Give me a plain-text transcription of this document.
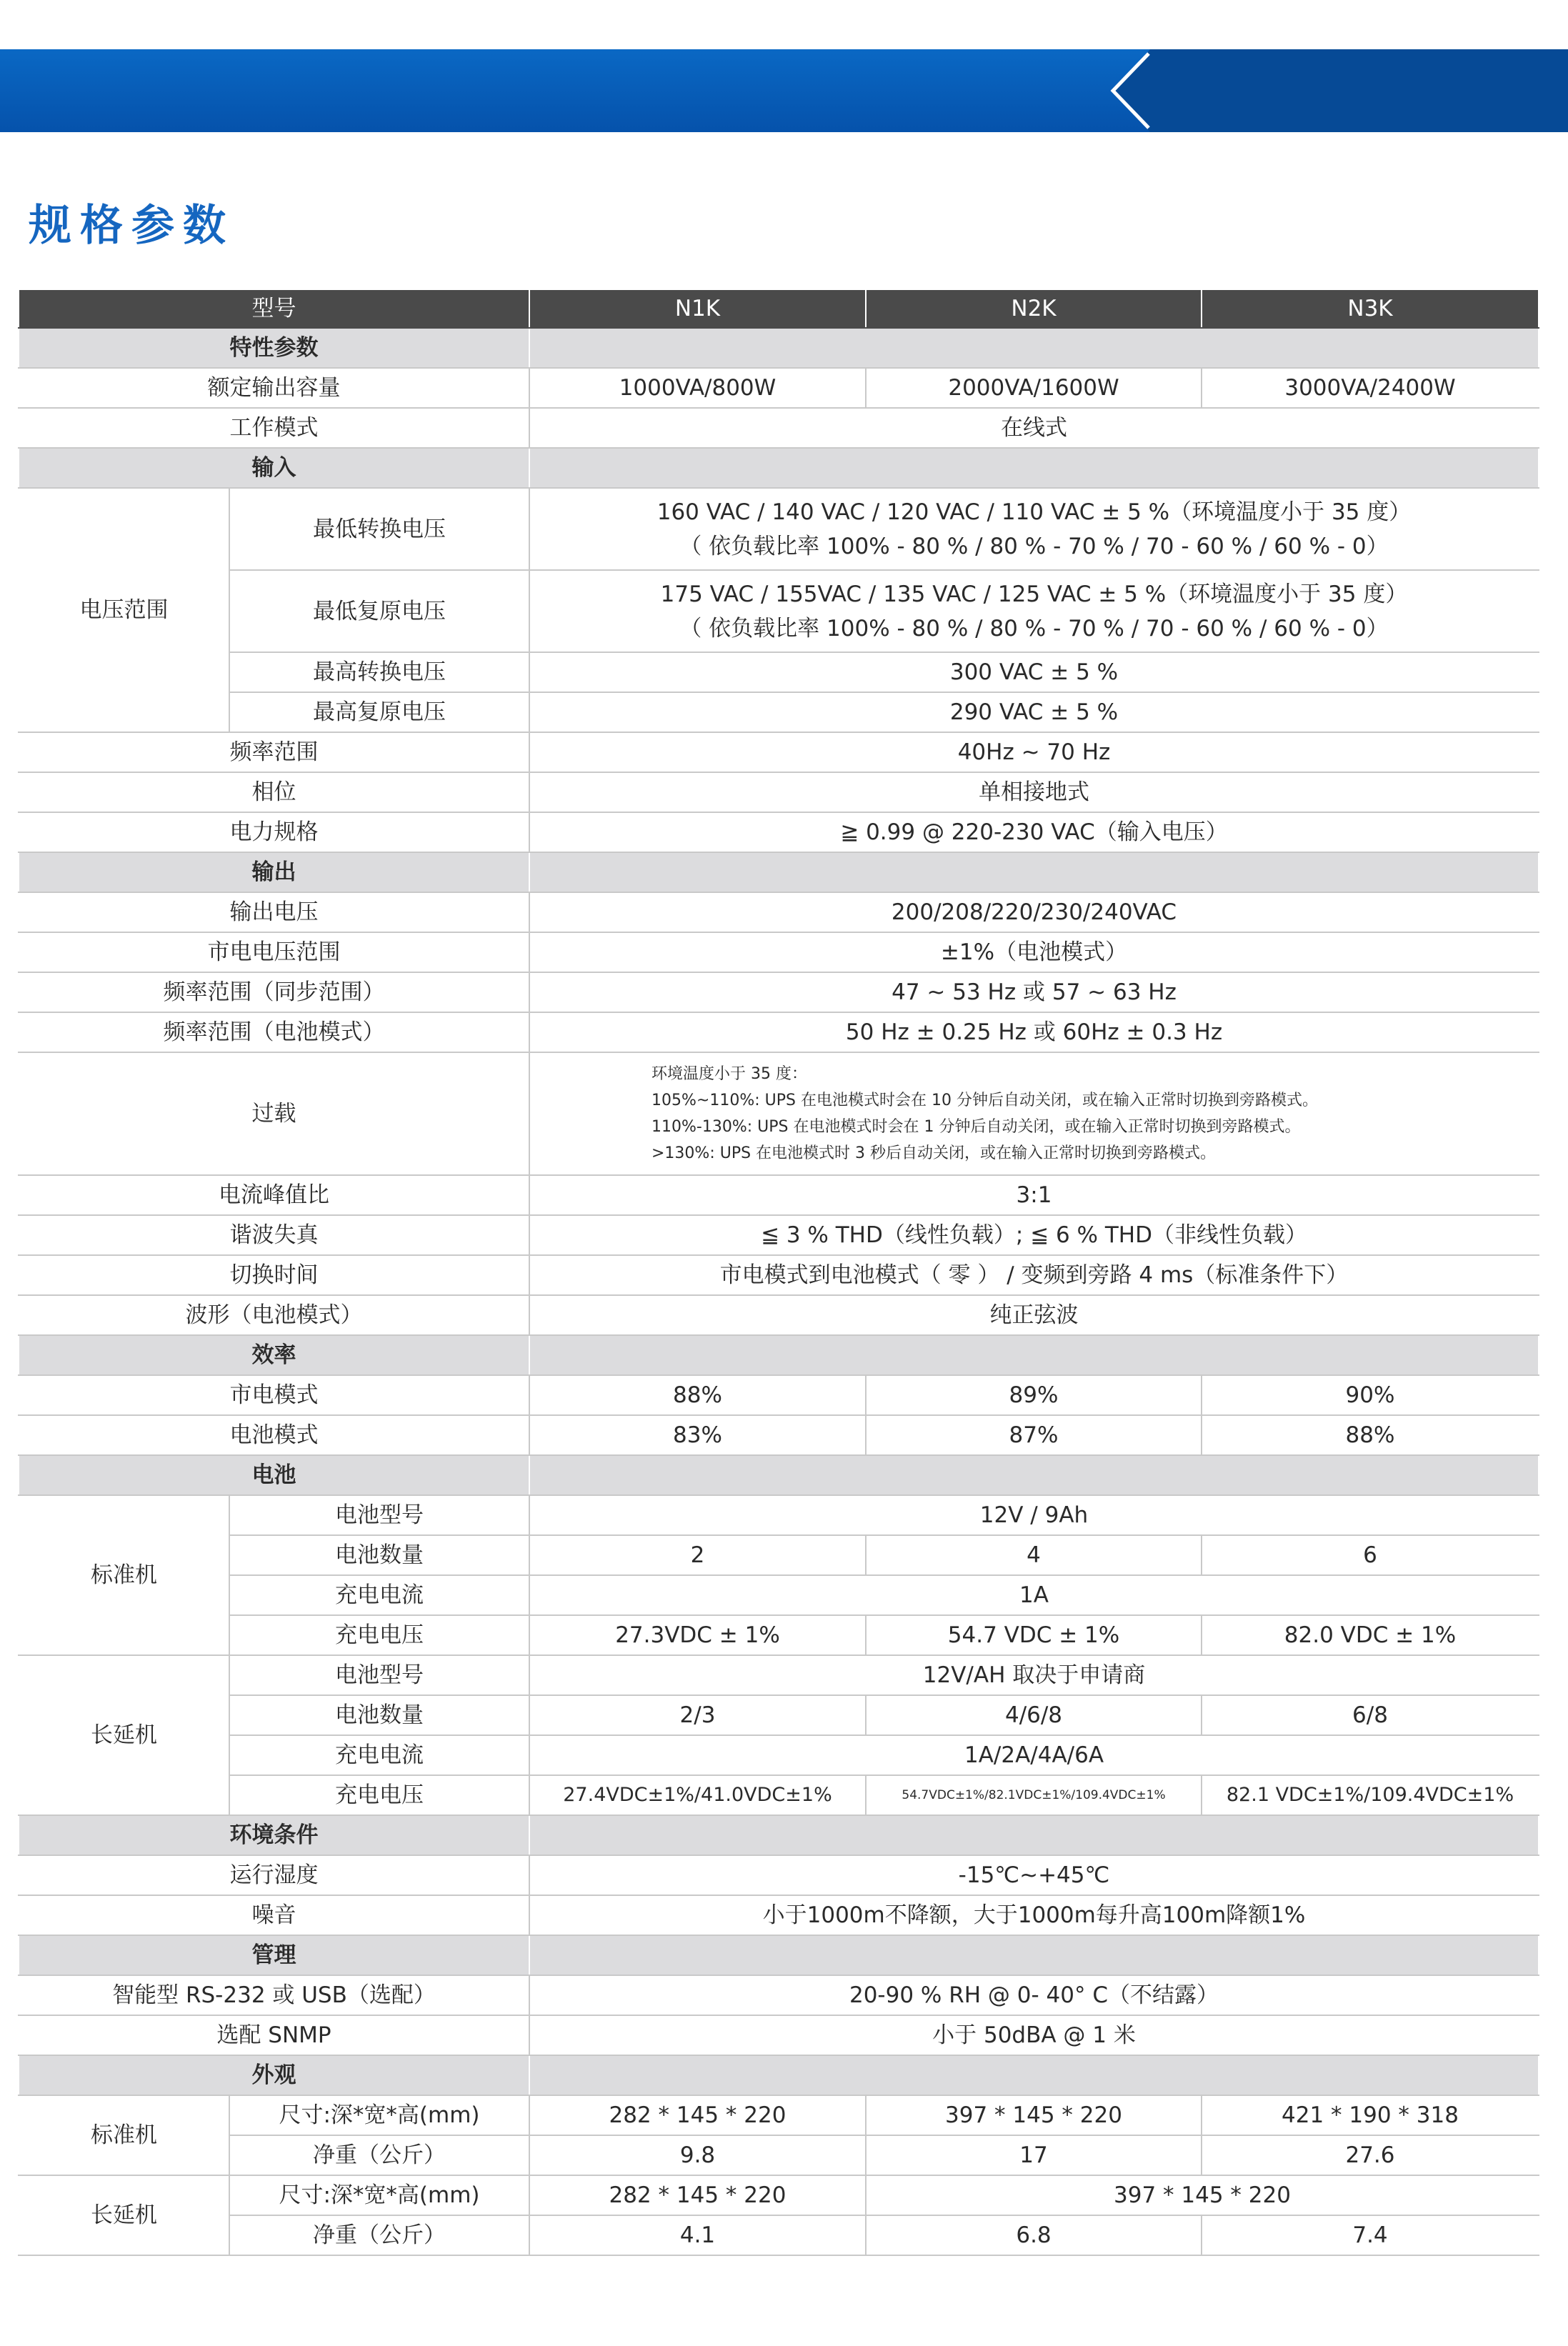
规格参数
型号		N1K	N2K	N3K
特性参数				
额定输出容量		1000VA/800W	2000VA/1600W	3000VA/2400W
工作模式		在线式		
输入				
电压范围	最低转换电压	160 VAC / 140 VAC / 120 VAC / 110 VAC ± 5 %（环境温度小于 35 度）
（ 依负载比率 100% - 80 % / 80 % - 70 % / 70 - 60 % / 60 % - 0）		

	最低复原电压	175 VAC / 155VAC / 135 VAC / 125 VAC ± 5 %（环境温度小于 35 度）
（ 依负载比率 100% - 80 % / 80 % - 70 % / 70 - 60 % / 60 % - 0）		

	最高转换电压	300 VAC ± 5 %		
	最高复原电压	290 VAC ± 5 %		
频率范围		40Hz ~ 70 Hz		
相位		单相接地式		
电力规格		≧ 0.99 @ 220-230 VAC（输入电压）		
输出				
输出电压		200/208/220/230/240VAC		
市电电压范围		±1%（电池模式）		
频率范围（同步范围）		47 ~ 53 Hz 或 57 ~ 63 Hz		
频率范围（电池模式）		50 Hz ± 0.25 Hz 或 60Hz ± 0.3 Hz		
过载		环境温度小于 35 度：
105%~110%: UPS 在电池模式时会在 10 分钟后自动关闭，或在输入正常时切换到旁路模式。
110%-130%: UPS 在电池模式时会在 1 分钟后自动关闭，或在输入正常时切换到旁路模式。
>130%: UPS 在电池模式时 3 秒后自动关闭，或在输入正常时切换到旁路模式。		

电流峰值比		3:1		
谐波失真		≦ 3 % THD（线性负载）; ≦ 6 % THD（非线性负载）		
切换时间		市电模式到电池模式（ 零 ） / 变频到旁路 4 ms（标准条件下）		
波形（电池模式）		纯正弦波		
效率				
市电模式		88%	89%	90%
电池模式		83%	87%	88%
电池				
标准机	电池型号	12V / 9Ah		
	电池数量	2	4	6
	充电电流	1A		
	充电电压	27.3VDC ± 1%	54.7 VDC ± 1%	82.0 VDC ± 1%
长延机	电池型号	12V/AH 取决于申请商		
	电池数量	2/3	4/6/8	6/8
	充电电流	1A/2A/4A/6A		
	充电电压	27.4VDC±1%/41.0VDC±1%	54.7VDC±1%/82.1VDC±1%/109.4VDC±1%	82.1 VDC±1%/109.4VDC±1%
环境条件				
运行湿度		-15℃~+45℃		
噪音		小于1000m不降额，大于1000m每升高100m降额1%		
管理				
智能型 RS-232 或 USB（选配）		20-90 % RH @ 0- 40° C（不结露）		
选配 SNMP		小于 50dBA @ 1 米		
外观				
标准机	尺寸:深*宽*高(mm)	282 * 145 * 220	397 * 145 * 220	421 * 190 * 318
	净重（公斤）	9.8	17	27.6
长延机	尺寸:深*宽*高(mm)	282 * 145 * 220	397 * 145 * 220	
	净重（公斤）	4.1	6.8	7.4
